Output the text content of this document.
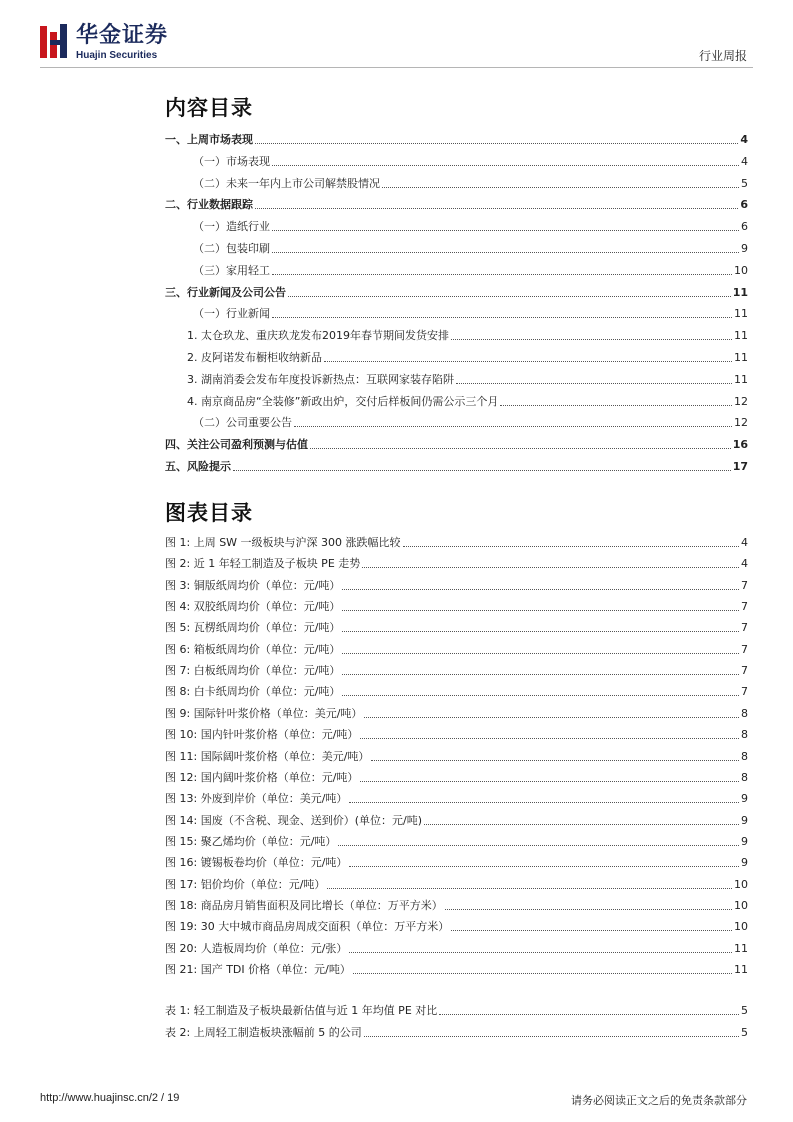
华金证券
Huajin Securities	行业周报
内容目录
一、上周市场表现	4
（一）市场表现	4
（二）未来一年内上市公司解禁股情况	5
二、行业数据跟踪	6
（一）造纸行业	6
（二）包装印刷	9
（三）家用轻工	10
三、行业新闻及公司公告	11
（一）行业新闻	11
1. 太仓玖龙、重庆玖龙发布2019年春节期间发货安排	11
2. 皮阿诺发布橱柜收纳新品	11
3. 湖南消委会发布年度投诉新热点：互联网家装存陷阱	11
4. 南京商品房“全装修”新政出炉，交付后样板间仍需公示三个月	12
（二）公司重要公告	12
四、关注公司盈利预测与估值	16
五、风险提示	17
图表目录
图 1: 上周 SW 一级板块与沪深 300 涨跌幅比较	4
图 2: 近 1 年轻工制造及子板块 PE 走势	4
图 3: 铜版纸周均价（单位：元/吨）	7
图 4: 双胶纸周均价（单位：元/吨）	7
图 5: 瓦楞纸周均价（单位：元/吨）	7
图 6: 箱板纸周均价（单位：元/吨）	7
图 7: 白板纸周均价（单位：元/吨）	7
图 8: 白卡纸周均价（单位：元/吨）	7
图 9: 国际针叶浆价格（单位：美元/吨）	8
图 10: 国内针叶浆价格（单位：元/吨）	8
图 11: 国际阔叶浆价格（单位：美元/吨）	8
图 12: 国内阔叶浆价格（单位：元/吨）	8
图 13: 外废到岸价（单位：美元/吨）	9
图 14: 国废（不含税、现金、送到价）(单位：元/吨)	9
图 15: 聚乙烯均价（单位：元/吨）	9
图 16: 镀锡板卷均价（单位：元/吨）	9
图 17: 铝价均价（单位：元/吨）	10
图 18: 商品房月销售面积及同比增长（单位：万平方米）	10
图 19: 30 大中城市商品房周成交面积（单位：万平方米）	10
图 20: 人造板周均价（单位：元/张）	11
图 21: 国产 TDI 价格（单位：元/吨）	11
表 1: 轻工制造及子板块最新估值与近 1 年均值 PE 对比	5
表 2: 上周轻工制造板块涨幅前 5 的公司	5
http://www.huajinsc.cn/2 / 19	请务必阅读正文之后的免责条款部分
